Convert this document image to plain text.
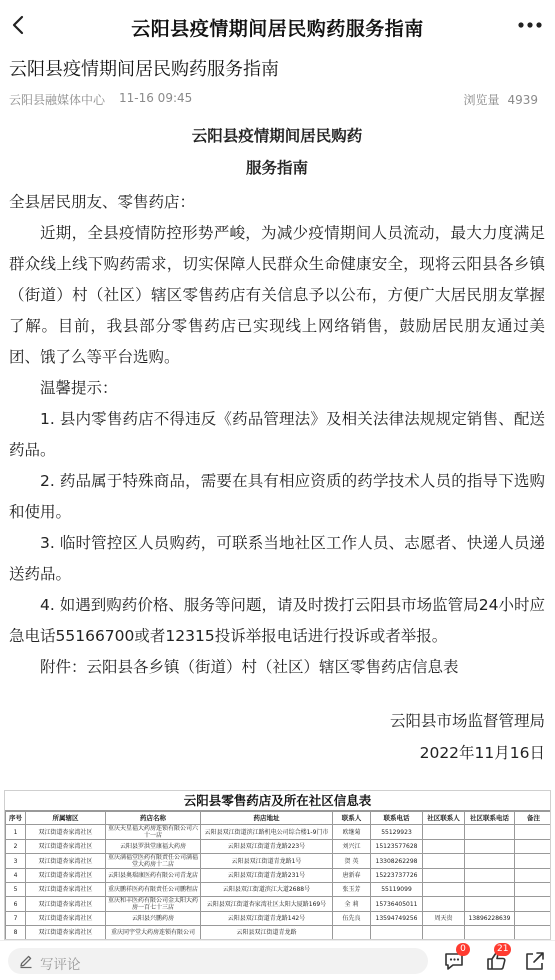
云阳县疫情期间居民购药服务指南
云阳县疫情期间居民购药服务指南
云阳县融媒体中心 11-16 09:45	浏览量 4939
云阳县疫情期间居民购药
服务指南
全县居民朋友、零售药店：
近期，全县疫情防控形势严峻，为减少疫情期间人员流动，最大力度满足群众线上线下购药需求，切实保障人民群众生命健康安全，现将云阳县各乡镇（街道）村（社区）辖区零售药店有关信息予以公布，方便广大居民朋友掌握了解。目前，我县部分零售药店已实现线上网络销售，鼓励居民朋友通过美团、饿了么等平台选购。
温馨提示：
1. 县内零售药店不得违反《药品管理法》及相关法律法规规定销售、配送药品。
2. 药品属于特殊商品，需要在具有相应资质的药学技术人员的指导下选购和使用。
3. 临时管控区人员购药，可联系当地社区工作人员、志愿者、快递人员递送药品。
4. 如遇到购药价格、服务等问题，请及时拨打云阳县市场监管局24小时应急电话55166700或者12315投诉举报电话进行投诉或者举报。
附件：云阳县各乡镇（街道）村（社区）辖区零售药店信息表
云阳县市场监督管理局
2022年11月16日
云阳县零售药店及所在社区信息表
序号	所属辖区	药店名称	药店地址	联系人	联系电话	社区联系人	社区联系电话	备注
1	双江街道杏家湾社区	重庆天星福大药房连锁有限公司六十一店	云阳县双江街道滨江路机电公司综合楼1-9门市	欧继菊	55129923			
2	双江街道杏家湾社区	云阳县罗洪堂康福大药房	云阳县双江街道青龙路223号	刘兴江	15123577628			
3	双江街道杏家湾社区	重庆满福堂医药有限责任公司满福堂大药房十二店	云阳县双江街道青龙路1号	贺 英	13308262298			
4	双江街道杏家湾社区	云阳县奥瑞康医药有限公司青龙店	云阳县双江街道青龙路231号	唐新春	15223737726			
5	双江街道杏家湾社区	重庆鹏祥医药有限责任公司鹏程店	云阳县双江街道滨江大道2688号	张玉芳	55119099			
6	双江街道杏家湾社区	重庆和丰医药有限公司金太阳大药房一百七十三店	云阳县双江街道杏家湾社区太阳大厦路169号	全 莉	15736405011			
7	双江街道杏家湾社区	云阳县兴鹏药房	云阳县双江街道青龙路142号	伍先良	13594749256	周天贵	13896228639	
8	双江街道杏家湾社区	重庆同宇堂大药房连锁有限公司	云阳县双江街道青龙路					
写评论
0	21
